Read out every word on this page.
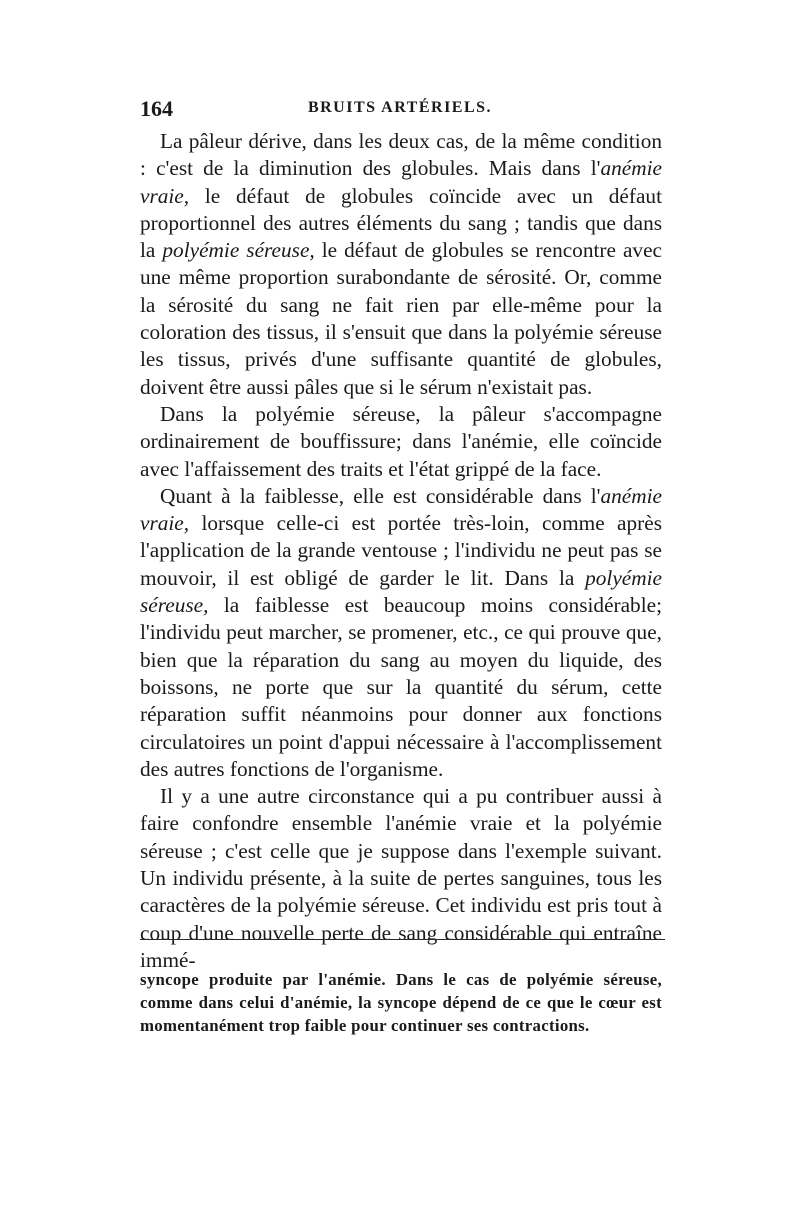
164	BRUITS ARTÉRIELS.

La pâleur dérive, dans les deux cas, de la même condition : c'est de la diminution des globules. Mais dans l'anémie vraie, le défaut de globules coïncide avec un défaut proportionnel des autres éléments du sang ; tandis que dans la polyémie séreuse, le défaut de globules se rencontre avec une même proportion surabondante de sérosité. Or, comme la sérosité du sang ne fait rien par elle-même pour la coloration des tissus, il s'ensuit que dans la polyémie séreuse les tissus, privés d'une suffisante quantité de globules, doivent être aussi pâles que si le sérum n'existait pas.

Dans la polyémie séreuse, la pâleur s'accompagne ordinairement de bouffissure; dans l'anémie, elle coïncide avec l'affaissement des traits et l'état grippé de la face.

Quant à la faiblesse, elle est considérable dans l'anémie vraie, lorsque celle-ci est portée très-loin, comme après l'application de la grande ventouse ; l'individu ne peut pas se mouvoir, il est obligé de garder le lit. Dans la polyémie séreuse, la faiblesse est beaucoup moins considérable; l'individu peut marcher, se promener, etc., ce qui prouve que, bien que la réparation du sang au moyen du liquide, des boissons, ne porte que sur la quantité du sérum, cette réparation suffit néanmoins pour donner aux fonctions circulatoires un point d'appui nécessaire à l'accomplissement des autres fonctions de l'organisme.

Il y a une autre circonstance qui a pu contribuer aussi à faire confondre ensemble l'anémie vraie et la polyémie séreuse ; c'est celle que je suppose dans l'exemple suivant. Un individu présente, à la suite de pertes sanguines, tous les caractères de la polyémie séreuse. Cet individu est pris tout à coup d'une nouvelle perte de sang considérable qui entraîne immé-

syncope produite par l'anémie. Dans le cas de polyémie séreuse, comme dans celui d'anémie, la syncope dépend de ce que le cœur est momentanément trop faible pour continuer ses contractions.
